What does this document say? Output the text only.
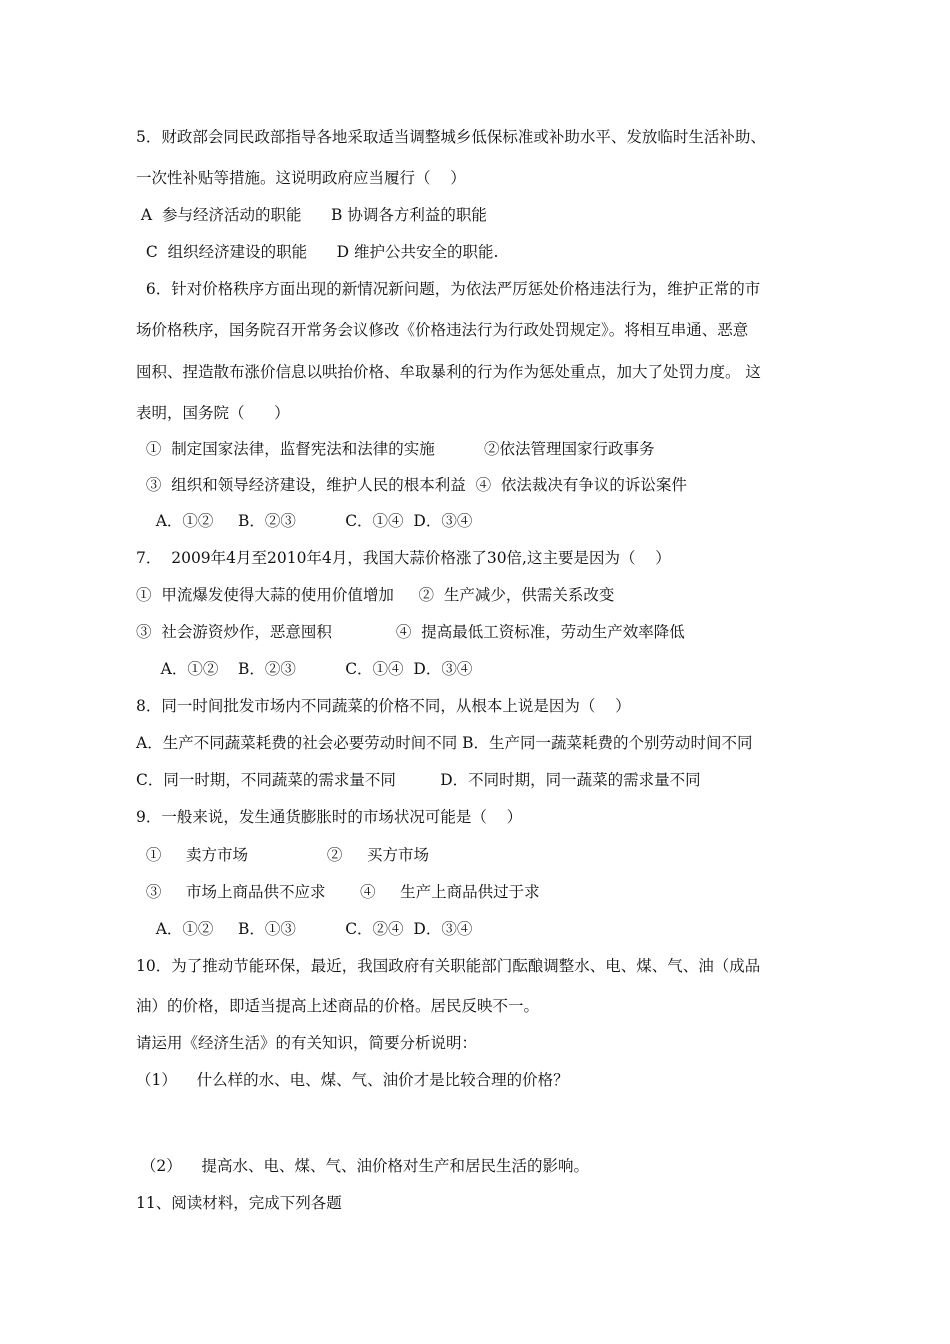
5．财政部会同民政部指导各地采取适当调整城乡低保标准或补助水平、发放临时生活补助、
一次性补贴等措施。这说明政府应当履行（    ）
A  参与经济活动的职能      B 协调各方利益的职能
C  组织经济建设的职能      D 维护公共安全的职能.
6．针对价格秩序方面出现的新情况新问题，为依法严厉惩处价格违法行为，维护正常的市
场价格秩序，国务院召开常务会议修改《价格违法行为行政处罚规定》。将相互串通、恶意
囤积、捏造散布涨价信息以哄抬价格、牟取暴利的行为作为惩处重点，加大了处罚力度。 这
表明，国务院（      ）
①  制定国家法律，监督宪法和法律的实施          ②依法管理国家行政事务
③  组织和领导经济建设，维护人民的根本利益  ④  依法裁决有争议的诉讼案件
A．①②     B．②③          C．①④  D．③④
7．  2009年4月至2010年4月，我国大蒜价格涨了30倍,这主要是因为（    ）
①  甲流爆发使得大蒜的使用价值增加     ②  生产减少，供需关系改变
③  社会游资炒作，恶意囤积             ④  提高最低工资标准，劳动生产效率降低
A．①②    B．②③          C．①④  D．③④
8．同一时间批发市场内不同蔬菜的价格不同，从根本上说是因为（    ）
A．生产不同蔬菜耗费的社会必要劳动时间不同 B．生产同一蔬菜耗费的个别劳动时间不同
C．同一时期，不同蔬菜的需求量不同         D．不同时期，同一蔬菜的需求量不同
9．一般来说，发生通货膨胀时的市场状况可能是（    ）
①     卖方市场                ②     买方市场
③     市场上商品供不应求       ④     生产上商品供过于求
A．①②     B．①③          C．②④  D．③④
10．为了推动节能环保，最近，我国政府有关职能部门酝酿调整水、电、煤、气、油（成品
油）的价格，即适当提高上述商品的价格。居民反映不一。
请运用《经济生活》的有关知识，简要分析说明：
（1）    什么样的水、电、煤、气、油价才是比较合理的价格？
（2）    提高水、电、煤、气、油价格对生产和居民生活的影响。
11、阅读材料，完成下列各题
